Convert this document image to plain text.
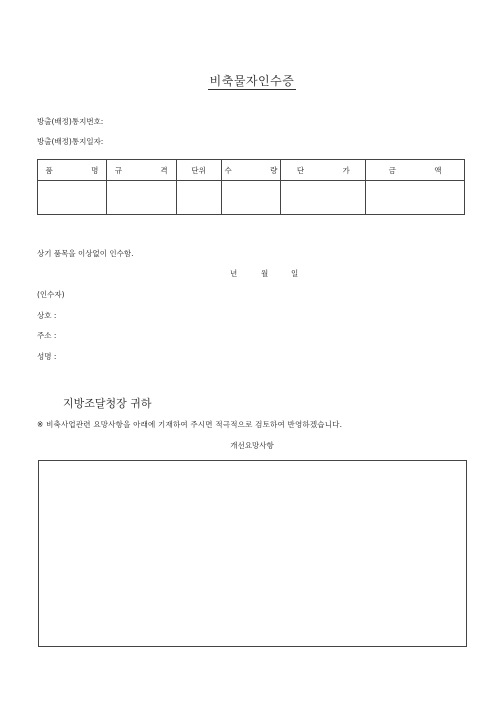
비축물자인수증
방출(배정)통지번호:
방출(배정)통지일자:
품 명	규 격	단위	수 량	단 가	금 액

상기 품목을 이상없이 인수함.
년	월	일
(인수자)
상호 :
주소 :
성명 :
지방조달청장 귀하
※ 비축사업관련 요망사항을 아래에 기재하여 주시면 적극적으로 검토하여 반영하겠습니다.
개선요망사항
